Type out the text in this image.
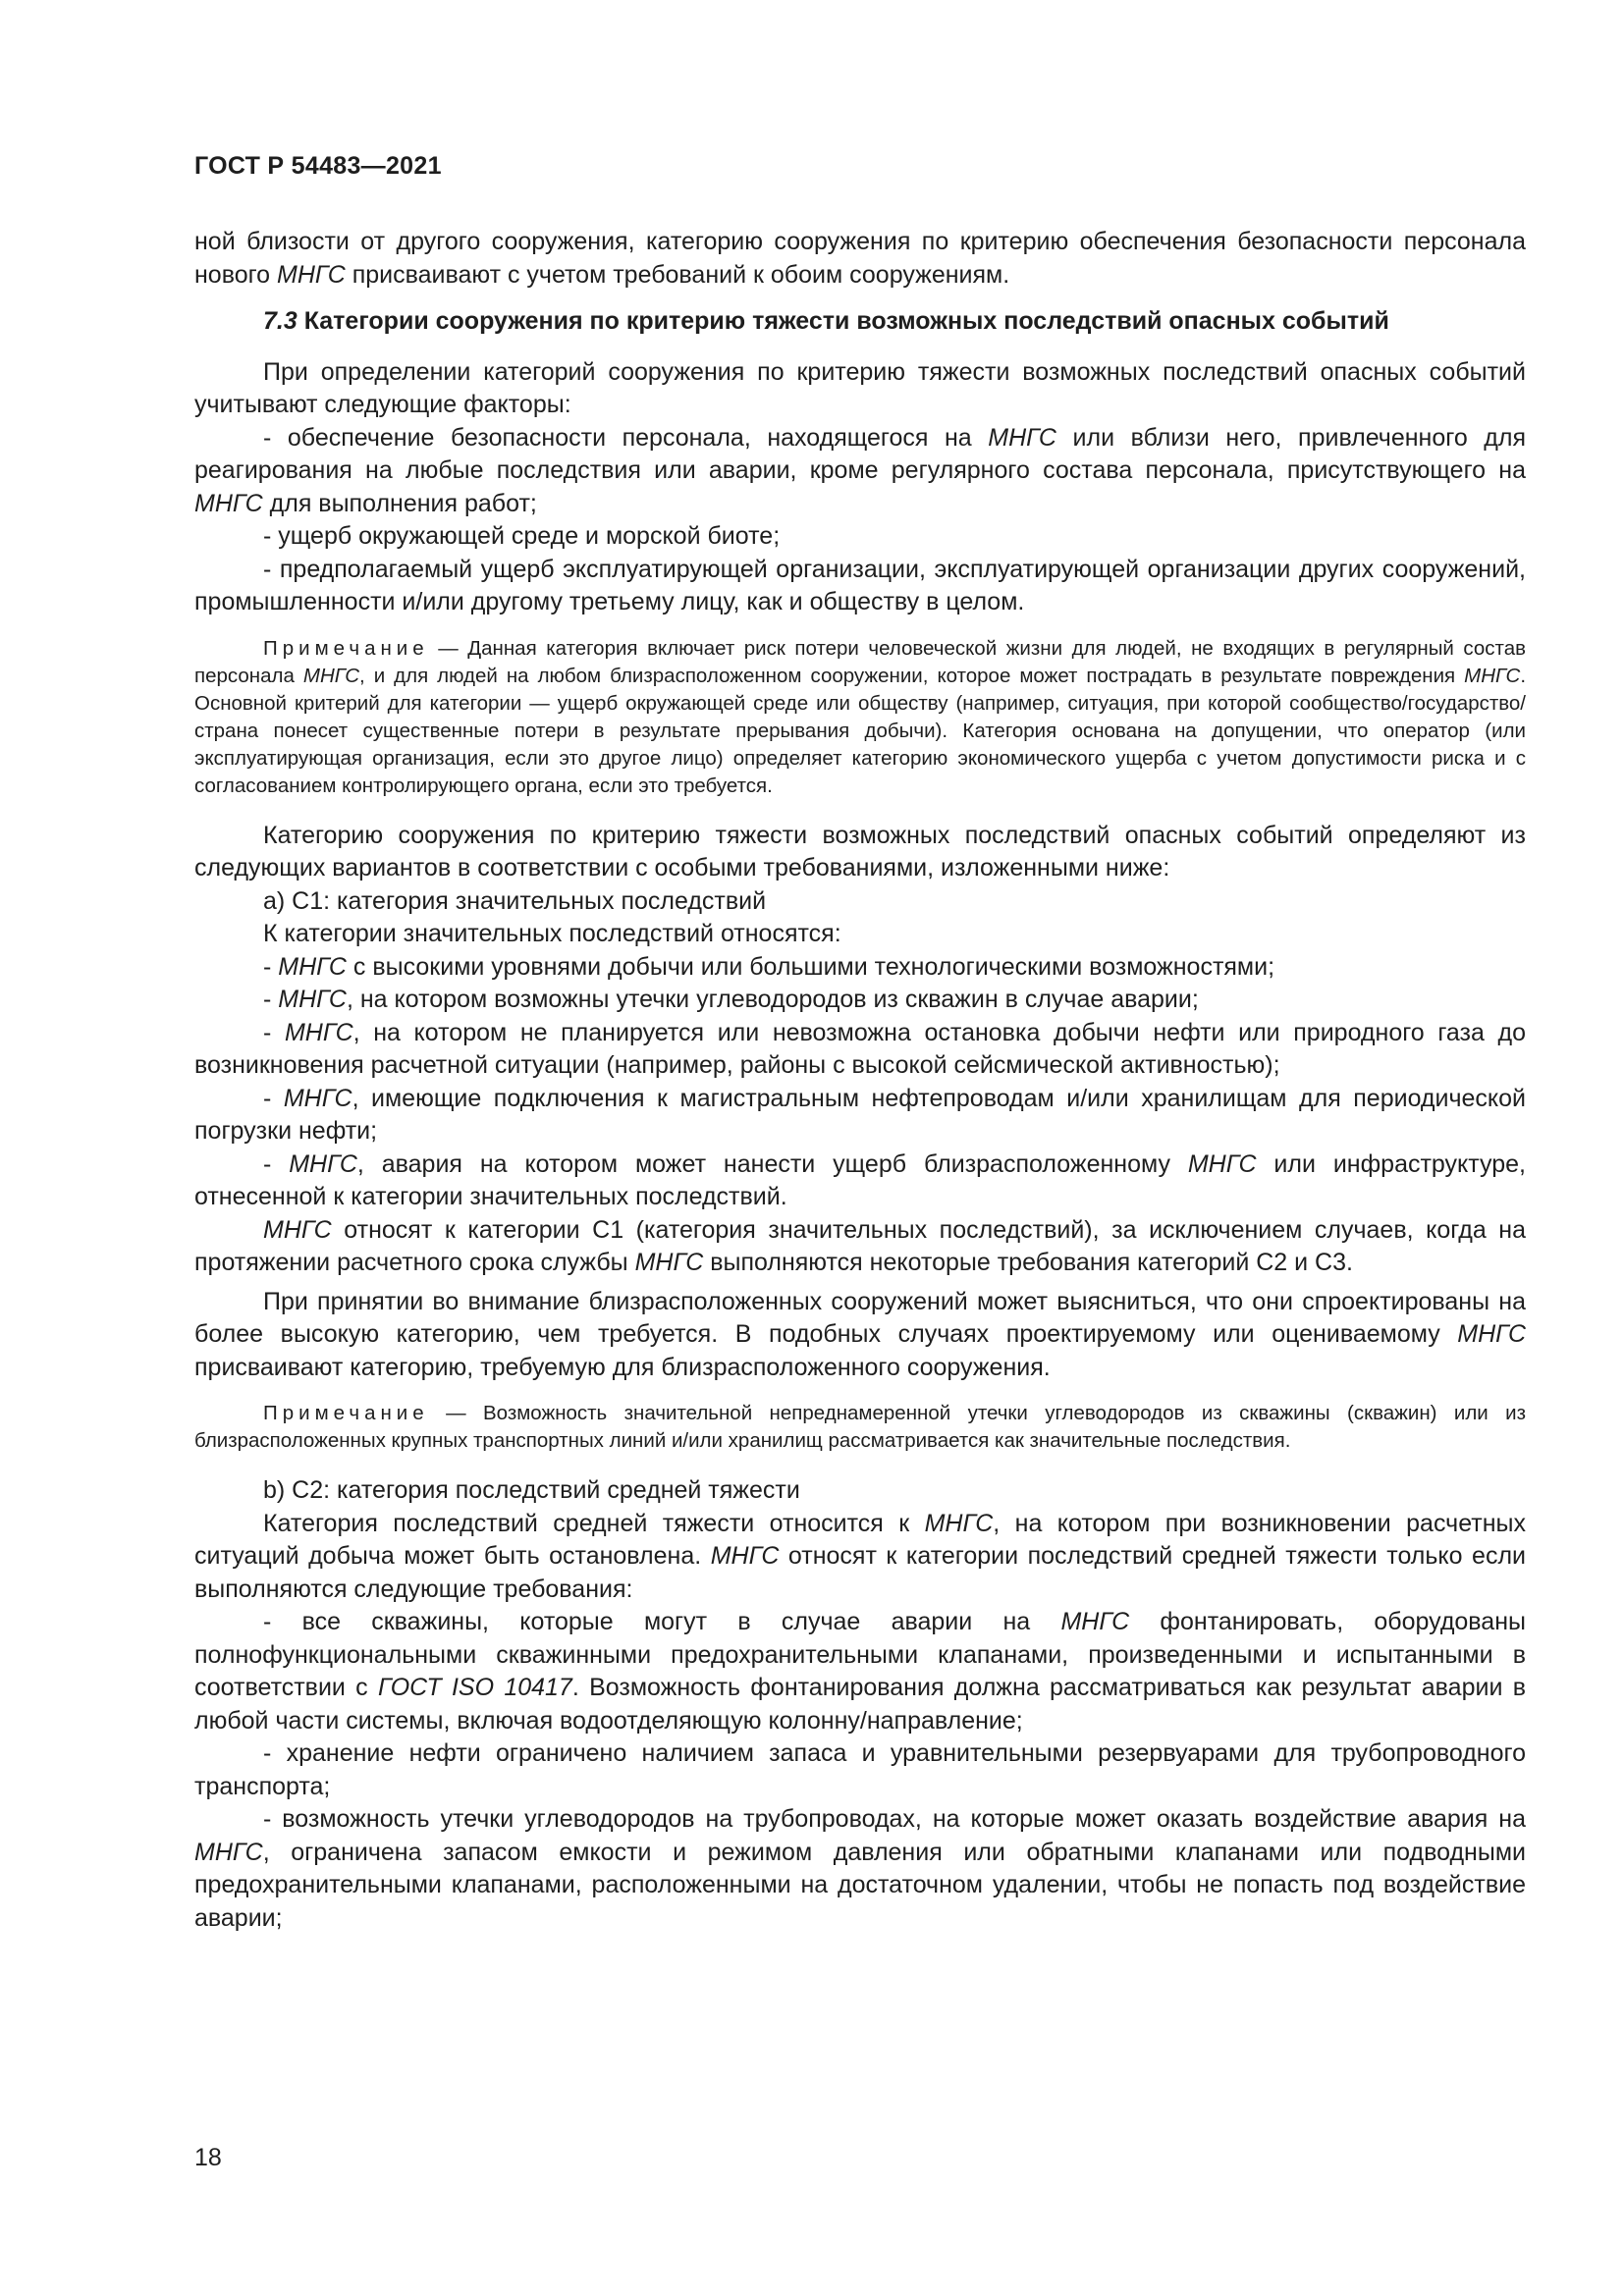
ГОСТ Р 54483—2021

ной близости от другого сооружения, категорию сооружения по критерию обеспечения безопасности персонала нового МНГС присваивают с учетом требований к обоим сооружениям.

7.3 Категории сооружения по критерию тяжести возможных последствий опасных событий

При определении категорий сооружения по критерию тяжести возможных последствий опасных событий учитывают следующие факторы:

- обеспечение безопасности персонала, находящегося на МНГС или вблизи него, привлеченного для реагирования на любые последствия или аварии, кроме регулярного состава персонала, присутствующего на МНГС для выполнения работ;

- ущерб окружающей среде и морской биоте;

- предполагаемый ущерб эксплуатирующей организации, эксплуатирующей организации других сооружений, промышленности и/или другому третьему лицу, как и обществу в целом.

Примечание — Данная категория включает риск потери человеческой жизни для людей, не входящих в регулярный состав персонала МНГС, и для людей на любом близрасположенном сооружении, которое может пострадать в результате повреждения МНГС. Основной критерий для категории — ущерб окружающей среде или обществу (например, ситуация, при которой сообщество/государство/страна понесет существенные потери в результате прерывания добычи). Категория основана на допущении, что оператор (или эксплуатирующая организация, если это другое лицо) определяет категорию экономического ущерба с учетом допустимости риска и с согласованием контролирующего органа, если это требуется.

Категорию сооружения по критерию тяжести возможных последствий опасных событий определяют из следующих вариантов в соответствии с особыми требованиями, изложенными ниже:

а) С1: категория значительных последствий

К категории значительных последствий относятся:

- МНГС с высокими уровнями добычи или большими технологическими возможностями;

- МНГС, на котором возможны утечки углеводородов из скважин в случае аварии;

- МНГС, на котором не планируется или невозможна остановка добычи нефти или природного газа до возникновения расчетной ситуации (например, районы с высокой сейсмической активностью);

- МНГС, имеющие подключения к магистральным нефтепроводам и/или хранилищам для периодической погрузки нефти;

- МНГС, авария на котором может нанести ущерб близрасположенному МНГС или инфраструктуре, отнесенной к категории значительных последствий.

МНГС относят к категории С1 (категория значительных последствий), за исключением случаев, когда на протяжении расчетного срока службы МНГС выполняются некоторые требования категорий С2 и С3.

При принятии во внимание близрасположенных сооружений может выясниться, что они спроектированы на более высокую категорию, чем требуется. В подобных случаях проектируемому или оцениваемому МНГС присваивают категорию, требуемую для близрасположенного сооружения.

Примечание — Возможность значительной непреднамеренной утечки углеводородов из скважины (скважин) или из близрасположенных крупных транспортных линий и/или хранилищ рассматривается как значительные последствия.

b) С2: категория последствий средней тяжести

Категория последствий средней тяжести относится к МНГС, на котором при возникновении расчетных ситуаций добыча может быть остановлена. МНГС относят к категории последствий средней тяжести только если выполняются следующие требования:

- все скважины, которые могут в случае аварии на МНГС фонтанировать, оборудованы полнофункциональными скважинными предохранительными клапанами, произведенными и испытанными в соответствии с ГОСТ ISO 10417. Возможность фонтанирования должна рассматриваться как результат аварии в любой части системы, включая водоотделяющую колонну/направление;

- хранение нефти ограничено наличием запаса и уравнительными резервуарами для трубопроводного транспорта;

- возможность утечки углеводородов на трубопроводах, на которые может оказать воздействие авария на МНГС, ограничена запасом емкости и режимом давления или обратными клапанами или подводными предохранительными клапанами, расположенными на достаточном удалении, чтобы не попасть под воздействие аварии;

18
